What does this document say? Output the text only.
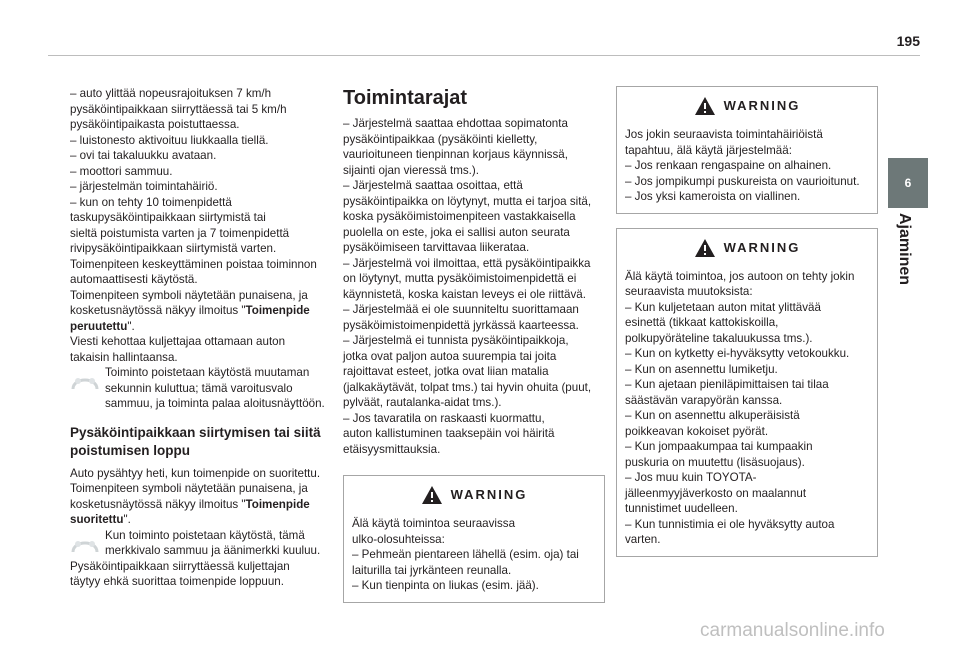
195
6
Ajaminen

– auto ylittää nopeusrajoituksen 7 km/h
pysäköintipaikkaan siirryttäessä tai 5 km/h
pysäköintipaikasta poistuttaessa.
– luistonesto aktivoituu liukkaalla tiellä.
– ovi tai takaluukku avataan.
– moottori sammuu.
– järjestelmän toimintahäiriö.
– kun on tehty 10 toimenpidettä
taskupysäköintipaikkaan siirtymistä tai
sieltä poistumista varten ja 7 toimenpidettä
rivipysäköintipaikkaan siirtymistä varten.
Toimenpiteen keskeyttäminen poistaa toiminnon
automaattisesti käytöstä.
Toimenpiteen symboli näytetään punaisena, ja
kosketusnäytössä näkyy ilmoitus "Toimenpide peruutettu".
Viesti kehottaa kuljettajaa ottamaan auton
takaisin hallintaansa.

Toiminto poistetaan käytöstä muutaman
sekunnin kuluttua; tämä varoitusvalo
sammuu, ja toiminta palaa aloitusnäyttöön.

Pysäköintipaikkaan siirtymisen tai siitä poistumisen loppu

Auto pysähtyy heti, kun toimenpide on suoritettu.
Toimenpiteen symboli näytetään punaisena, ja
kosketusnäytössä näkyy ilmoitus "Toimenpide suoritettu".

Kun toiminto poistetaan käytöstä, tämä
merkkivalo sammuu ja äänimerkki kuuluu.

Pysäköintipaikkaan siirryttäessä kuljettajan
täytyy ehkä suorittaa toimenpide loppuun.

Toimintarajat

– Järjestelmä saattaa ehdottaa sopimatonta
pysäköintipaikkaa (pysäköinti kielletty,
vaurioituneen tienpinnan korjaus käynnissä,
sijainti ojan vieressä tms.).
– Järjestelmä saattaa osoittaa, että
pysäköintipaikka on löytynyt, mutta ei tarjoa sitä,
koska pysäköimistoimenpiteen vastakkaisella
puolella on este, joka ei sallisi auton seurata
pysäköimiseen tarvittavaa liikerataa.
– Järjestelmä voi ilmoittaa, että pysäköintipaikka
on löytynyt, mutta pysäköimistoimenpidettä ei
käynnistetä, koska kaistan leveys ei ole riittävä.
– Järjestelmää ei ole suunniteltu suorittamaan
pysäköimistoimenpidettä jyrkässä kaarteessa.
– Järjestelmä ei tunnista pysäköintipaikkoja,
jotka ovat paljon autoa suurempia tai joita
rajoittavat esteet, jotka ovat liian matalia
(jalkakäytävät, tolpat tms.) tai hyvin ohuita (puut,
pylväät, rautalanka-aidat tms.).
– Jos tavaratila on raskaasti kuormattu,
auton kallistuminen taaksepäin voi häiritä
etäisyysmittauksia.

WARNING

Älä käytä toimintoa seuraavissa
ulko-olosuhteissa:
– Pehmeän pientareen lähellä (esim. oja) tai
laiturilla tai jyrkänteen reunalla.
– Kun tienpinta on liukas (esim. jää).

WARNING

Jos jokin seuraavista toimintahäiriöistä
tapahtuu, älä käytä järjestelmää:
– Jos renkaan rengaspaine on alhainen.
– Jos jompikumpi puskureista on vaurioitunut.
– Jos yksi kameroista on viallinen.

WARNING

Älä käytä toimintoa, jos autoon on tehty jokin
seuraavista muutoksista:
– Kun kuljetetaan auton mitat ylittävää
esinettä (tikkaat kattokiskoilla,
polkupyöräteline takaluukussa tms.).
– Kun on kytketty ei-hyväksytty vetokoukku.
– Kun on asennettu lumiketju.
– Kun ajetaan pieniläpimittaisen tai tilaa
säästävän varapyörän kanssa.
– Kun on asennettu alkuperäisistä
poikkeavan kokoiset pyörät.
– Kun jompaakumpaa tai kumpaakin
puskuria on muutettu (lisäsuojaus).
– Jos muu kuin TOYOTA-
jälleenmyyjäverkosto on maalannut
tunnistimet uudelleen.
– Kun tunnistimia ei ole hyväksytty autoa
varten.

carmanualsonline.info
